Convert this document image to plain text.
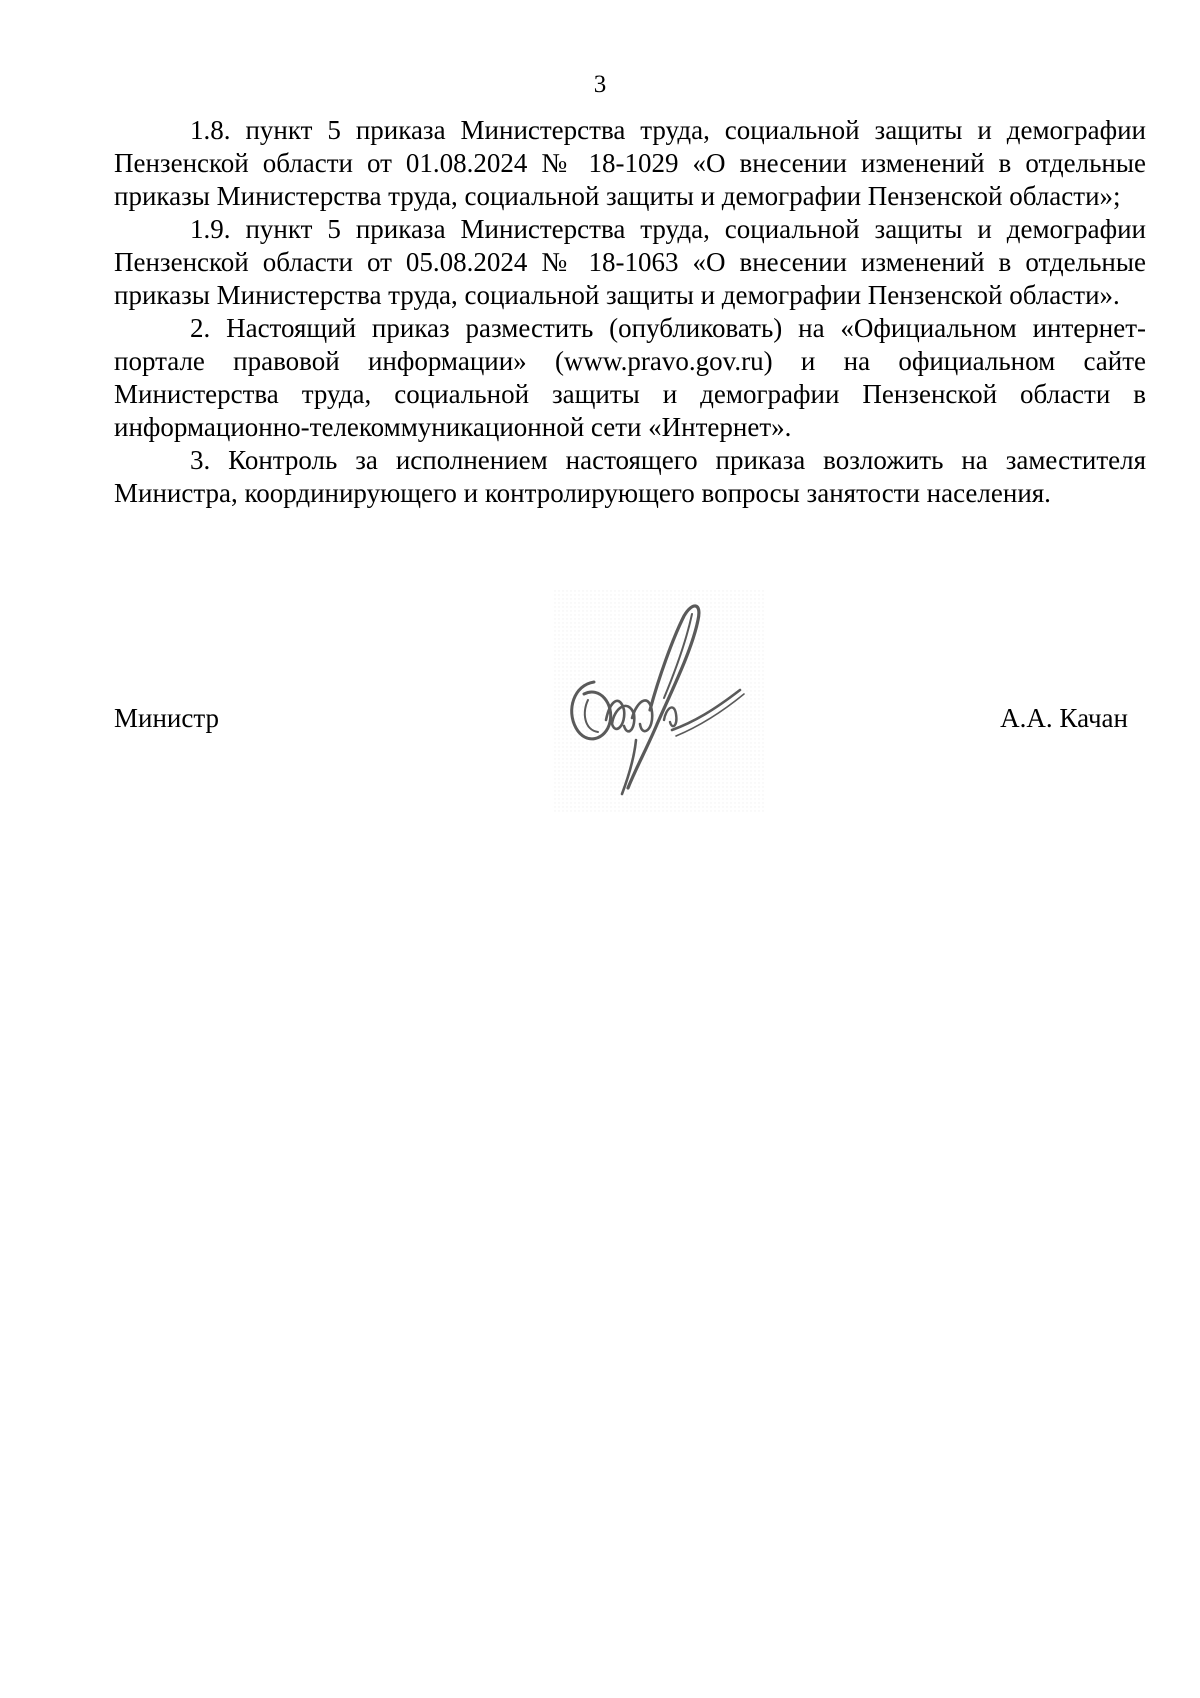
3

1.8. пункт 5 приказа Министерства труда, социальной защиты и демографии Пензенской области от 01.08.2024 № 18-1029 «О внесении изменений в отдельные приказы Министерства труда, социальной защиты и демографии Пензенской области»;

1.9. пункт 5 приказа Министерства труда, социальной защиты и демографии Пензенской области от 05.08.2024 № 18-1063 «О внесении изменений в отдельные приказы Министерства труда, социальной защиты и демографии Пензенской области».

2. Настоящий приказ разместить (опубликовать) на «Официальном интернет-портале правовой информации» (www.pravo.gov.ru) и на официальном сайте Министерства труда, социальной защиты и демографии Пензенской области в информационно-телекоммуникационной сети «Интернет».

3. Контроль за исполнением настоящего приказа возложить на заместителя Министра, координирующего и контролирующего вопросы занятости населения.

Министр	А.А. Качан
